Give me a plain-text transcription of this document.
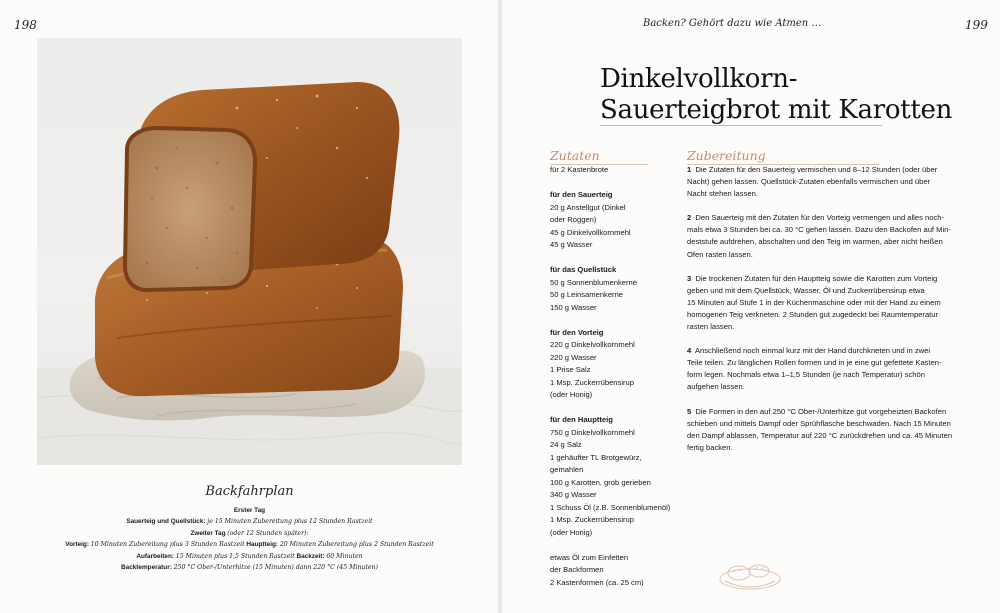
198
Backfahrplan
Erster Tag
Sauerteig und Quellstück: je 15 Minuten Zubereitung plus 12 Stunden Rastzeit
Zweiter Tag (oder 12 Stunden später):
Vorteig: 10 Minuten Zubereitung plus 3 Stunden Rastzeit Hauptteig: 20 Minuten Zubereitung plus 2 Stunden Rastzeit
Aufarbeiten: 15 Minuten plus 1,5 Stunden Rastzeit Backzeit: 60 Minuten
Backtemperatur: 250 °C Ober-/Unterhitze (15 Minuten) dann 220 °C (45 Minuten)
Backen? Gehört dazu wie Atmen …	199
Dinkelvollkorn-
Sauerteigbrot mit Karotten
Zutaten	Zubereitung
für 2 Kastenbrote
für den Sauerteig
20 g Anstellgut (Dinkel
oder Roggen)
45 g Dinkelvollkornmehl
45 g Wasser
für das Quellstück
50 g Sonnenblumenkerne
50 g Leinsamenkerne
150 g Wasser
für den Vorteig
220 g Dinkelvollkornmehl
220 g Wasser
1 Prise Salz
1 Msp. Zuckerrübensirup
(oder Honig)
für den Hauptteig
750 g Dinkelvollkornmehl
24 g Salz
1 gehäufter TL Brotgewürz,
gemahlen
100 g Karotten, grob gerieben
340 g Wasser
1 Schuss Öl (z.B. Sonnenblumenöl)
1 Msp. Zuckerrübensirup
(oder Honig)
etwas Öl zum Einfetten
der Backformen
2 Kastenformen (ca. 25 cm)
1 Die Zutaten für den Sauerteig vermischen und 8–12 Stunden (oder über
Nacht) gehen lassen. Quellstück-Zutaten ebenfalls vermischen und über
Nacht stehen lassen.
2 Den Sauerteig mit den Zutaten für den Vorteig vermengen und alles noch-
mals etwa 3 Stunden bei ca. 30 °C gehen lassen. Dazu den Backofen auf Min-
deststufe aufdrehen, abschalten und den Teig im warmen, aber nicht heißen
Ofen rasten lassen.
3 Die trockenen Zutaten für den Hauptteig sowie die Karotten zum Vorteig
geben und mit dem Quellstück, Wasser, Öl und Zuckerrübensirup etwa
15 Minuten auf Stufe 1 in der Küchenmaschine oder mit der Hand zu einem
homogenen Teig verkneten. 2 Stunden gut zugedeckt bei Raumtemperatur
rasten lassen.
4 Anschließend noch einmal kurz mit der Hand durchkneten und in zwei
Teile teilen. Zu länglichen Rollen formen und in je eine gut gefettete Kasten-
form legen. Nochmals etwa 1–1,5 Stunden (je nach Temperatur) schön
aufgehen lassen.
5 Die Formen in den auf 250 °C Ober-/Unterhitze gut vorgeheizten Backofen
schieben und mittels Dampf oder Sprühflasche beschwaden. Nach 15 Minuten
den Dampf ablassen, Temperatur auf 220 °C zurückdrehen und ca. 45 Minuten
fertig backen.
